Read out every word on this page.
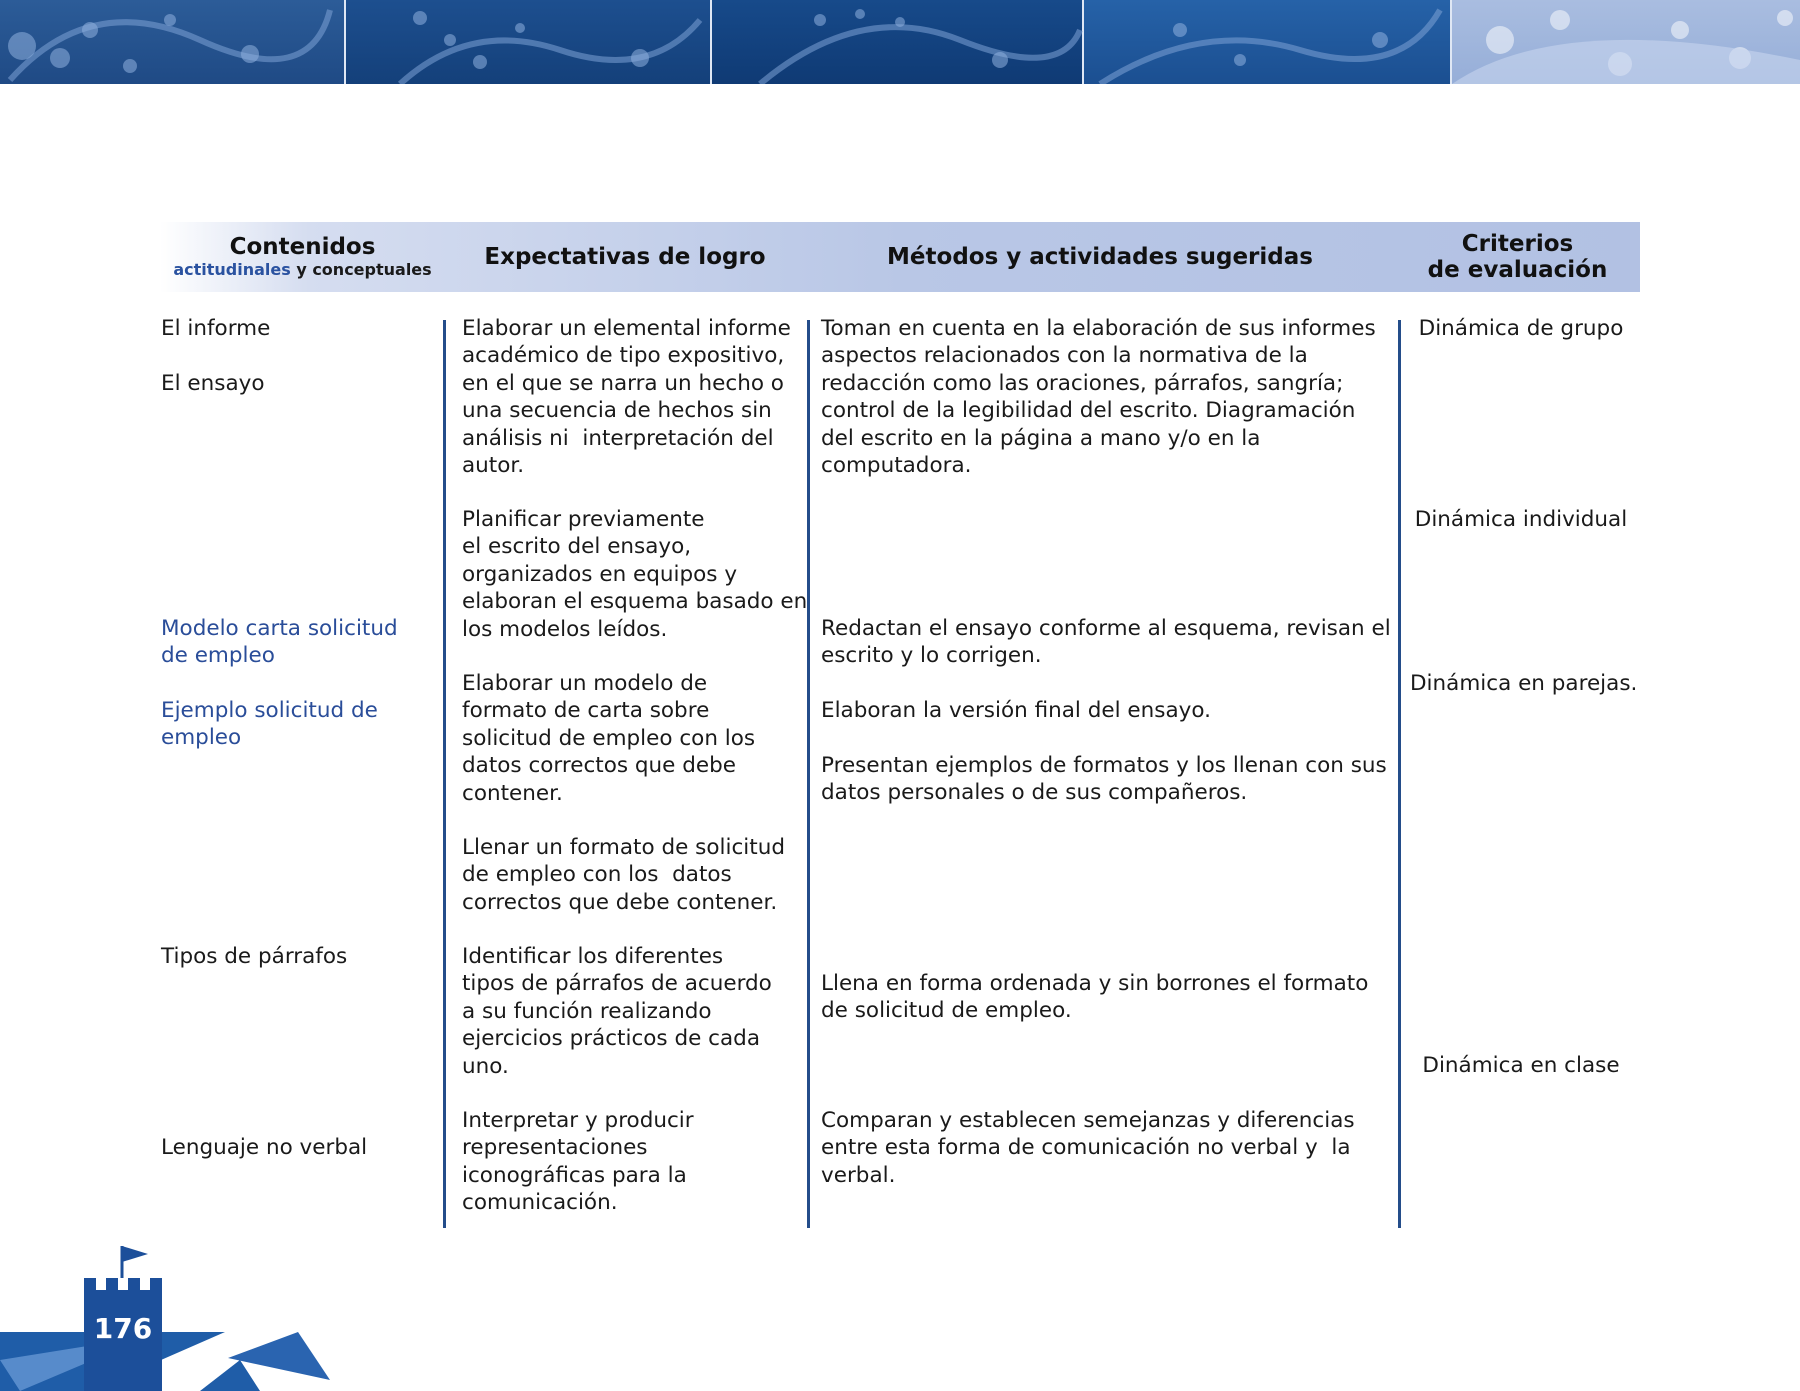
Contenidos
actitudinales y conceptuales Expectativas de logro	Métodos y actividades sugeridas	Criterios
de evaluación
El informe
El ensayo
Modelo carta solicitud
de empleo
Ejemplo solicitud de
empleo
Tipos de párrafos
Lenguaje no verbal
Elaborar un elemental informe
académico de tipo expositivo,
en el que se narra un hecho o
una secuencia de hechos sin
análisis ni  interpretación del
autor.
Planificar previamente
el escrito del ensayo,
organizados en equipos y
elaboran el esquema basado en
los modelos leídos.
Elaborar un modelo de
formato de carta sobre
solicitud de empleo con los
datos correctos que debe
contener.
Llenar un formato de solicitud
de empleo con los  datos
correctos que debe contener.
Identificar los diferentes
tipos de párrafos de acuerdo
a su función realizando
ejercicios prácticos de cada
uno.
Interpretar y producir
representaciones
iconográficas para la
comunicación.
Toman en cuenta en la elaboración de sus informes
aspectos relacionados con la normativa de la
redacción como las oraciones, párrafos, sangría;
control de la legibilidad del escrito. Diagramación
del escrito en la página a mano y/o en la
computadora.
Redactan el ensayo conforme al esquema, revisan el
escrito y lo corrigen.
Elaboran la versión final del ensayo.
Presentan ejemplos de formatos y los llenan con sus
datos personales o de sus compañeros.
Llena en forma ordenada y sin borrones el formato
de solicitud de empleo.
Comparan y establecen semejanzas y diferencias
entre esta forma de comunicación no verbal y  la
verbal.
Dinámica de grupo
Dinámica individual
Dinámica en parejas.
Dinámica en clase
176
